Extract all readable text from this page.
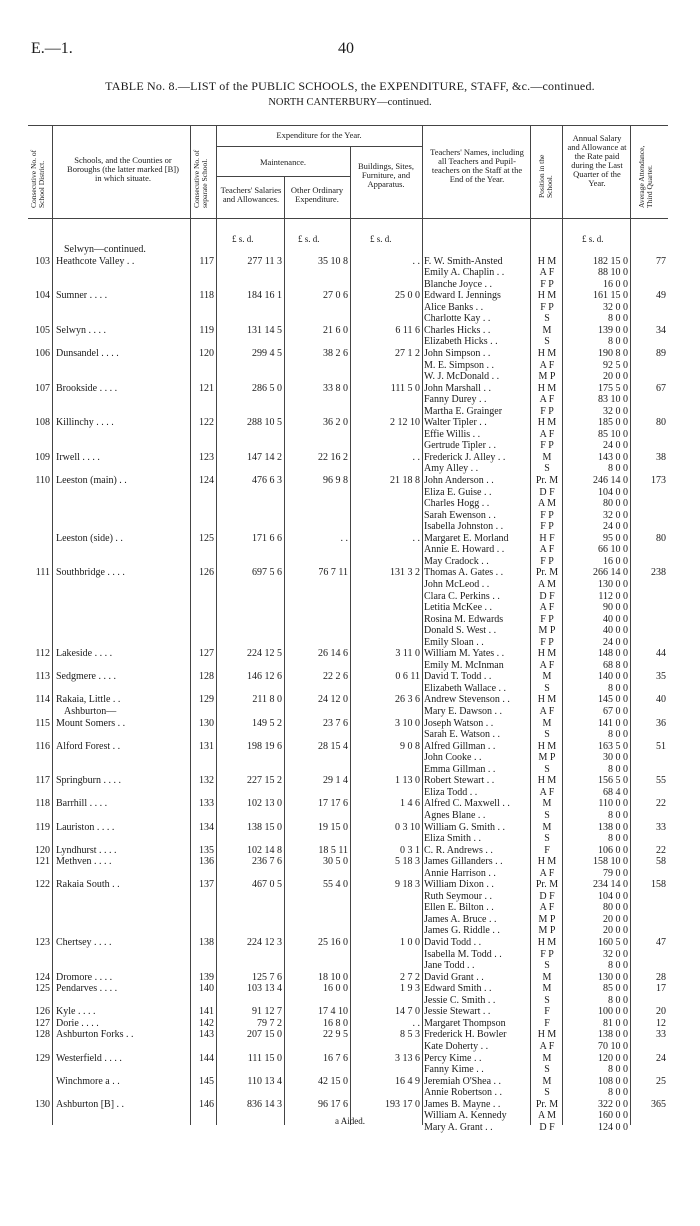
E.—1.	40
TABLE No. 8.—LIST of the PUBLIC SCHOOLS, the EXPENDITURE, STAFF, &c.—continued.
NORTH CANTERBURY—continued.
Consecutive No. of School District.
Schools, and the Counties or Boroughs (the latter marked [B]) in which situate.	Consecutive No. of separate School.
Expenditure for the Year.
Maintenance.
Teachers' Salaries and Allowances.
Other Ordinary Expenditure.
Buildings, Sites, Furniture, and Apparatus.
Teachers' Names, including all Teachers and Pupil-teachers on the Staff at the End of the Year.	Position in the School.
Annual Salary and Allowance at the Rate paid during the Last Quarter of the Year.	Average Attendance, Third Quarter.
£ s. d.	£ s. d.	£ s. d.	£ s. d.
Selwyn—continued.
103 Heathcote Valley . .	117	277 11 3	35 10 8	. . F. W. Smith-Ansted	H M	182 15 0	77
Emily A. Chaplin . .	A F	88 10 0
Blanche Joyce . .	F P	16 0 0
104 Sumner . . . .	118	184 16 1	27 0 6	25 0 0 Edward I. Jennings	H M	161 15 0	49
Alice Banks . .	F P	32 0 0
Charlotte Kay . .	S	8 0 0
105 Selwyn . . . .	119	131 14 5	21 6 0	6 11 6 Charles Hicks . .	M	139 0 0	34
Elizabeth Hicks . .	S	8 0 0
106 Dunsandel . . . .	120	299 4 5	38 2 6	27 1 2 John Simpson . .	H M	190 8 0	89
M. E. Simpson . .	A F	92 5 0
W. J. McDonald . .	M P	20 0 0
107 Brookside . . . .	121	286 5 0	33 8 0	111 5 0 John Marshall . .	H M	175 5 0	67
Fanny Durey . .	A F	83 10 0
Martha E. Grainger	F P	32 0 0
108 Killinchy . . . .	122	288 10 5	36 2 0	2 12 10 Walter Tipler . .	H M	185 0 0	80
Effie Willis . .	A F	85 10 0
Gertrude Tipler . .	F P	24 0 0
109 Irwell . . . .	123	147 14 2	22 16 2	. . Frederick J. Alley . .	M	143 0 0	38
Amy Alley . .	S	8 0 0
110 Leeston (main) . .	124	476 6 3	96 9 8	21 18 8 John Anderson . .	Pr. M	246 14 0	173
Eliza E. Guise . .	D F	104 0 0
Charles Hogg . .	A M	80 0 0
Sarah Ewenson . .	F P	32 0 0
Isabella Johnston . .	F P	24 0 0
Leeston (side) . .	125	171 6 6	. .	. . Margaret E. Morland	H F	95 0 0	80
Annie E. Howard . .	A F	66 10 0
May Cradock . .	F P	16 0 0
111 Southbridge . . . .	126	697 5 6	76 7 11	131 3 2 Thomas A. Gates . .	Pr. M	266 14 0	238
John McLeod . .	A M	130 0 0
Clara C. Perkins . .	D F	112 0 0
Letitia McKee . .	A F	90 0 0
Rosina M. Edwards	F P	40 0 0
Donald S. West . .	M P	40 0 0
Emily Sloan . .	F P	24 0 0
112 Lakeside . . . .	127	224 12 5	26 14 6	3 11 0 William M. Yates . .	H M	148 0 0	44
Emily M. McInman	A F	68 8 0
113 Sedgmere . . . .	128	146 12 6	22 2 6	0 6 11 David T. Todd . .	M	140 0 0	35
Elizabeth Wallace . .	S	8 0 0
114 Rakaia, Little . .	129	211 8 0	24 12 0	26 3 6 Andrew Stevenson . .	H M	145 0 0	40
Ashburton—	Mary E. Dawson . .	A F	67 0 0
115 Mount Somers . .	130	149 5 2	23 7 6	3 10 0 Joseph Watson . .	M	141 0 0	36
Sarah E. Watson . .	S	8 0 0
116 Alford Forest . .	131	198 19 6	28 15 4	9 0 8 Alfred Gillman . .	H M	163 5 0	51
John Cooke . .	M P	30 0 0
Emma Gillman . .	S	8 0 0
117 Springburn . . . .	132	227 15 2	29 1 4	1 13 0 Robert Stewart . .	H M	156 5 0	55
Eliza Todd . .	A F	68 4 0
118 Barrhill . . . .	133	102 13 0	17 17 6	1 4 6 Alfred C. Maxwell . .	M	110 0 0	22
Agnes Blane . .	S	8 0 0
119 Lauriston . . . .	134	138 15 0	19 15 0	0 3 10 William G. Smith . .	M	138 0 0	33
Eliza Smith . .	S	8 0 0
120 Lyndhurst . . . .	135	102 14 8	18 5 11	0 3 1 C. R. Andrews . .	F	106 0 0	22
121 Methven . . . .	136	236 7 6	30 5 0	5 18 3 James Gillanders . .	H M	158 10 0	58
Annie Harrison . .	A F	79 0 0
122 Rakaia South . .	137	467 0 5	55 4 0	9 18 3 William Dixon . .	Pr. M	234 14 0	158
Ruth Seymour . .	D F	104 0 0
Ellen E. Bilton . .	A F	80 0 0
James A. Bruce . .	M P	20 0 0
James G. Riddle . .	M P	20 0 0
123 Chertsey . . . .	138	224 12 3	25 16 0	1 0 0 David Todd . .	H M	160 5 0	47
Isabella M. Todd . .	F P	32 0 0
Jane Todd . .	S	8 0 0
124 Dromore . . . .	139	125 7 6	18 10 0	2 7 2 David Grant . .	M	130 0 0	28
125 Pendarves . . . .	140	103 13 4	16 0 0	1 9 3 Edward Smith . .	M	85 0 0	17
Jessie C. Smith . .	S	8 0 0
126 Kyle . . . .	141	91 12 7	17 4 10	14 7 0 Jessie Stewart . .	F	100 0 0	20
127 Dorie . . . .	142	79 7 2	16 8 0	. . Margaret Thompson	F	81 0 0	12
128 Ashburton Forks . .	143	207 15 0	22 9 5	8 5 3 Frederick H. Bowler	H M	138 0 0	33
Kate Doherty . .	A F	70 10 0
129 Westerfield . . . .	144	111 15 0	16 7 6	3 13 6 Percy Kime . .	M	120 0 0	24
Fanny Kime . .	S	8 0 0
Winchmore a . .	145	110 13 4	42 15 0	16 4 9 Jeremiah O'Shea . .	M	108 0 0	25
Annie Robertson . .	S	8 0 0
130 Ashburton [B] . .	146	836 14 3	96 17 6	193 17 0 James B. Mayne . .	Pr. M	322 0 0	365
William A. Kennedy	A M	160 0 0
Mary A. Grant . .	D F	124 0 0
a Aided.
